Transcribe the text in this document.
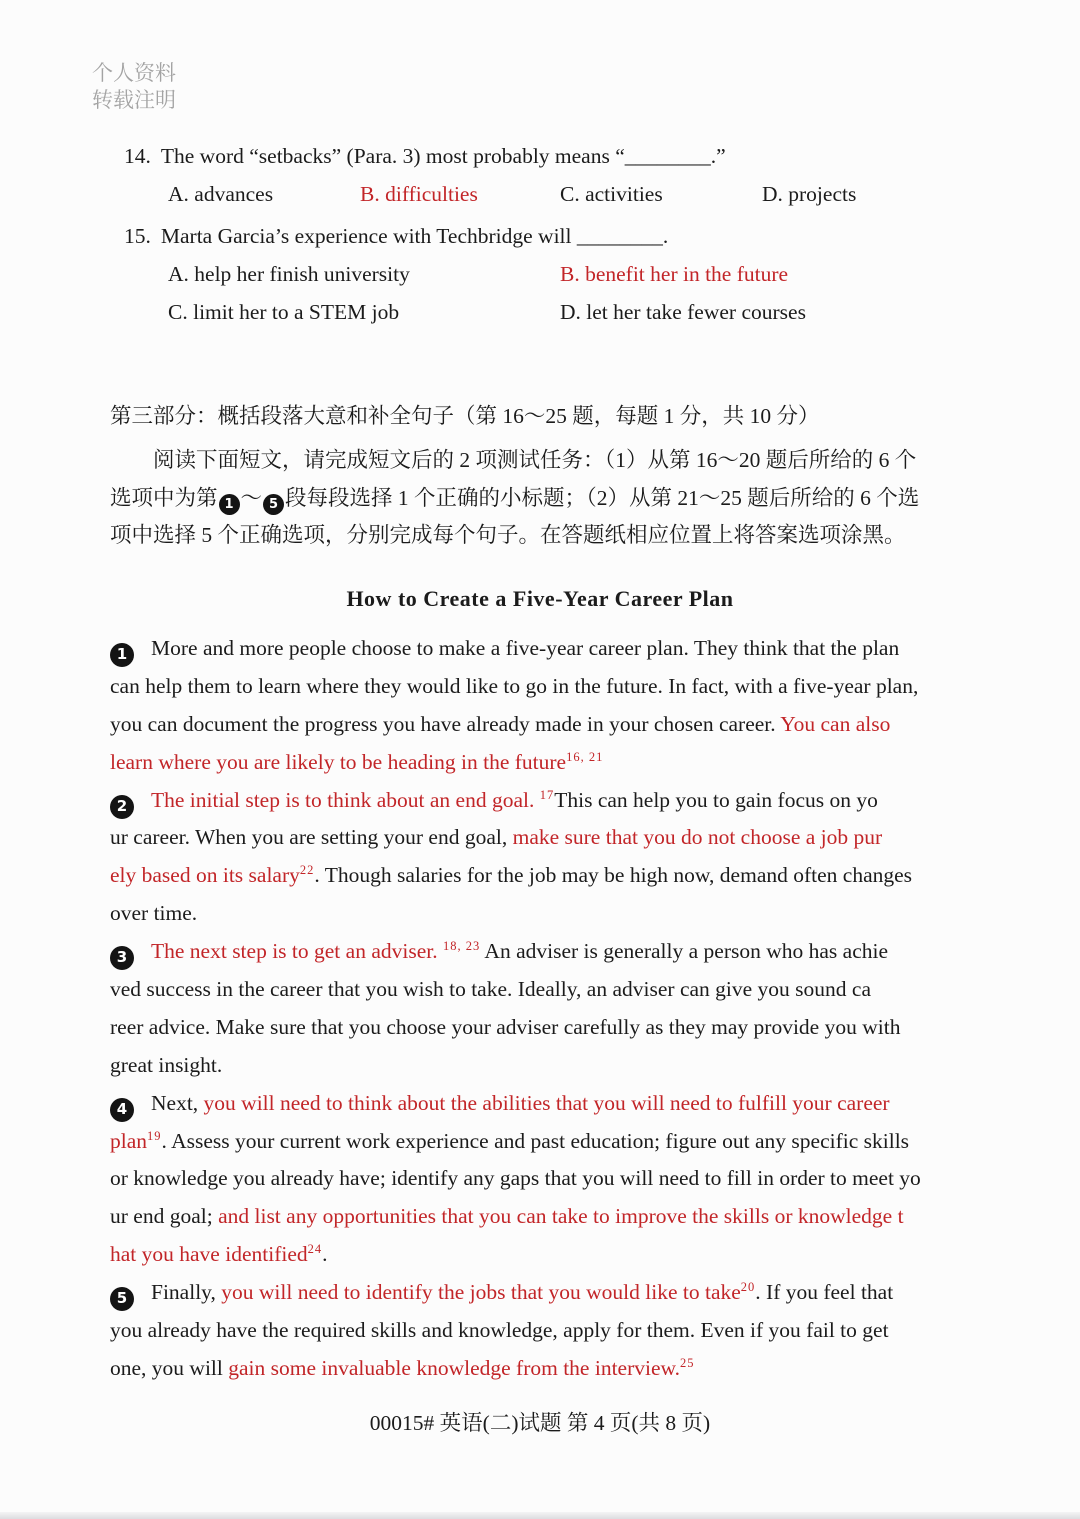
个人资料
转载注明
14. The word “setbacks” (Para. 3) most probably means “________.”
A. advances	B. difficulties	C. activities	D. projects
15. Marta Garcia’s experience with Techbridge will ________.
A. help her finish university	B. benefit her in the future
C. limit her to a STEM job	D. let her take fewer courses
第三部分：概括段落大意和补全句子（第 16～25 题，每题 1 分，共 10 分）
阅读下面短文，请完成短文后的 2 项测试任务：（1）从第 16～20 题后所给的 6 个
选项中为第 1 ～ 5 段每段选择 1 个正确的小标题；（2）从第 21～25 题后所给的 6 个选
项中选择 5 个正确选项，分别完成每个句子。在答题纸相应位置上将答案选项涂黑。
How to Create a Five-Year Career Plan
1 More and more people choose to make a five-year career plan. They think that the plan
can help them to learn where they would like to go in the future. In fact, with a five-year plan,
you can document the progress you have already made in your chosen career. You can also
learn where you are likely to be heading in the future$^{16, 21}$
2 The initial step is to think about an end goal. $^{17}$This can help you to gain focus on yo
ur career. When you are setting your end goal, make sure that you do not choose a job pur
ely based on its salary$^{22}$. Though salaries for the job may be high now, demand often changes
over time.
3 The next step is to get an adviser. $^{18, 23}$ An adviser is generally a person who has achie
ved success in the career that you wish to take. Ideally, an adviser can give you sound ca
reer advice. Make sure that you choose your adviser carefully as they may provide you with
great insight.
4 Next, you will need to think about the abilities that you will need to fulfill your career
plan$^{19}$. Assess your current work experience and past education; figure out any specific skills
or knowledge you already have; identify any gaps that you will need to fill in order to meet yo
ur end goal; and list any opportunities that you can take to improve the skills or knowledge t
hat you have identified$^{24}$.
5 Finally, you will need to identify the jobs that you would like to take$^{20}$. If you feel that
you already have the required skills and knowledge, apply for them. Even if you fail to get
one, you will gain some invaluable knowledge from the interview.$^{25}$
00015# 英语(二)试题 第 4 页(共 8 页)
